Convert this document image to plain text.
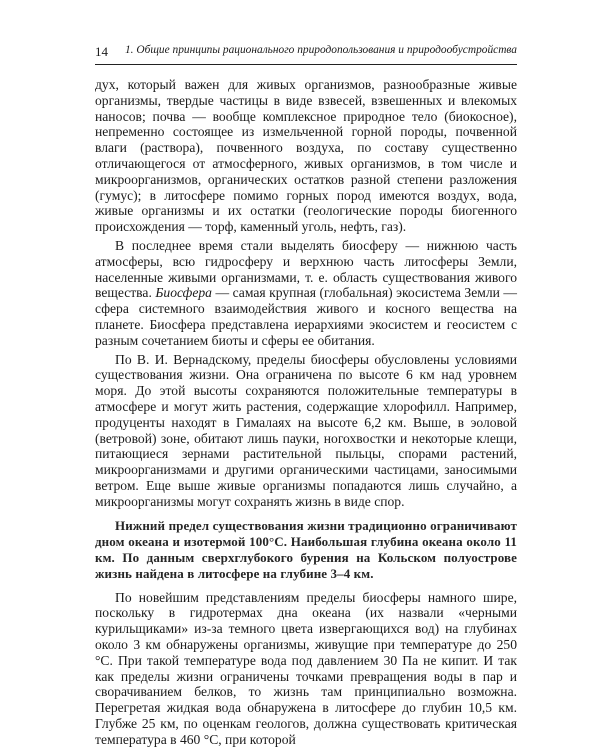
14 1. Общие принципы рационального природопользования и природообустройства

дух, который важен для живых организмов, разнообразные живые организмы, твердые частицы в виде взвесей, взвешенных и влекомых наносов; почва — вообще комплексное природное тело (биокосное), непременно состоящее из измельченной горной породы, почвенной влаги (раствора), почвенного воздуха, по составу существенно отличающегося от атмосферного, живых организмов, в том числе и микроорганизмов, органических остатков разной степени разложения (гумус); в литосфере помимо горных пород имеются воздух, вода, живые организмы и их остатки (геологические породы биогенного происхождения — торф, каменный уголь, нефть, газ).

В последнее время стали выделять биосферу — нижнюю часть атмосферы, всю гидросферу и верхнюю часть литосферы Земли, населенные живыми организмами, т. е. область существования живого вещества. Биосфера — самая крупная (глобальная) экосистема Земли — сфера системного взаимодействия живого и косного вещества на планете. Биосфера представлена иерархиями экосистем и геосистем с разным сочетанием биоты и сферы ее обитания.

По В. И. Вернадскому, пределы биосферы обусловлены условиями существования жизни. Она ограничена по высоте 6 км над уровнем моря. До этой высоты сохраняются положительные температуры в атмосфере и могут жить растения, содержащие хлорофилл. Например, продуценты находят в Гималаях на высоте 6,2 км. Выше, в эоловой (ветровой) зоне, обитают лишь пауки, ногохвостки и некоторые клещи, питающиеся зернами растительной пыльцы, спорами растений, микроорганизмами и другими органическими частицами, заносимыми ветром. Еще выше живые организмы попадаются лишь случайно, а микроорганизмы могут сохранять жизнь в виде спор.

Нижний предел существования жизни традиционно ограничивают дном океана и изотермой 100°С. Наибольшая глубина океана около 11 км. По данным сверхглубокого бурения на Кольском полуострове жизнь найдена в литосфере на глубине 3–4 км.

По новейшим представлениям пределы биосферы намного шире, поскольку в гидротермах дна океана (их назвали «черными курильщиками» из-за темного цвета извергающихся вод) на глубинах около 3 км обнаружены организмы, живущие при температуре до 250 °С. При такой температуре вода под давлением 30 Па не кипит. И так как пределы жизни ограничены точками превращения воды в пар и сворачиванием белков, то жизнь там принципиально возможна. Перегретая жидкая вода обнаружена в литосфере до глубин 10,5 км. Глубже 25 км, по оценкам геологов, должна существовать критическая температура в 460 °С, при которой
